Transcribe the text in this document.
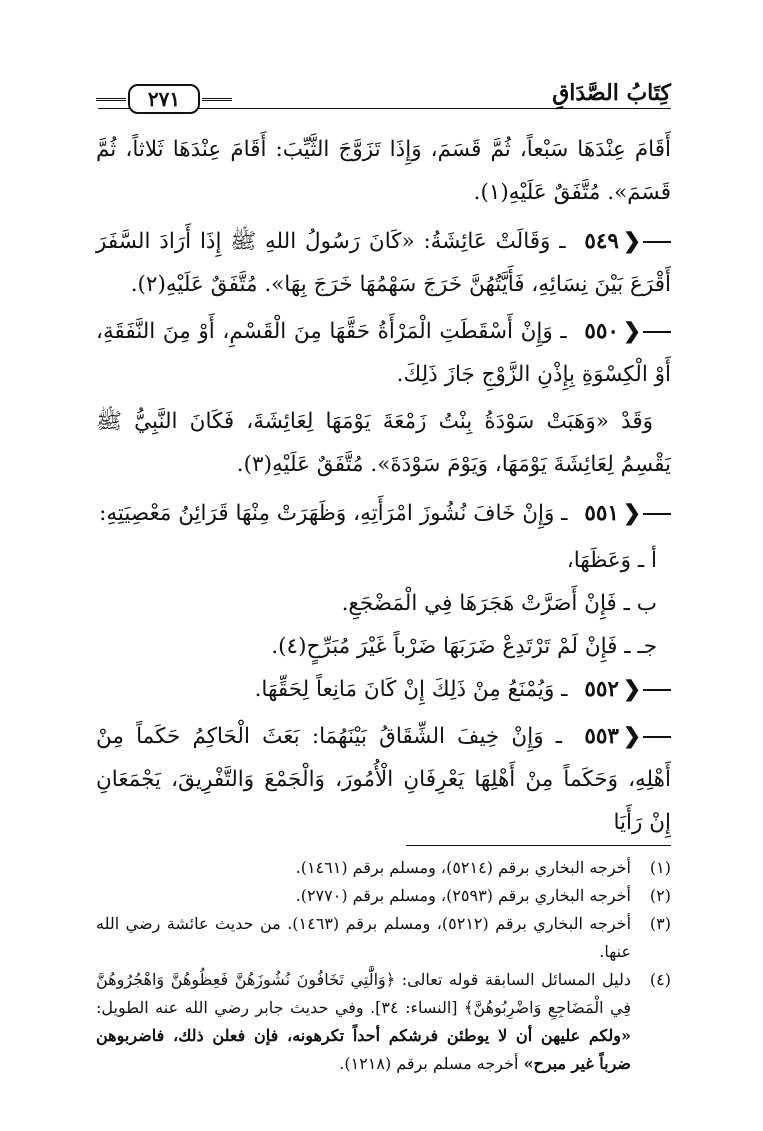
كِتَابُ الصَّدَاقِ
٢٧١

أَقَامَ عِنْدَهَا سَبْعاً، ثُمَّ قَسَمَ، وَإِذَا تَزَوَّجَ الثَّيِّبَ: أَقَامَ عِنْدَهَا ثَلاثاً، ثُمَّ قَسَمَ». مُتَّفَقٌ عَلَيْهِ(١).

❮٥٤٩ ـ وَقَالَتْ عَائِشَةُ: «كَانَ رَسُولُ اللهِ ﷺ إِذَا أَرَادَ السَّفَرَ أَقْرَعَ بَيْنَ نِسَائِهِ، فَأَيَّتُهُنَّ خَرَجَ سَهْمُهَا خَرَجَ بِهَا». مُتَّفَقٌ عَلَيْهِ(٢).

❮٥٥٠ ـ وَإِنْ أَسْقَطَتِ الْمَرْأَةُ حَقَّهَا مِنَ الْقَسْمِ، أَوْ مِنَ النَّفَقَةِ، أَوْ الْكِسْوَةِ بِإِذْنِ الزَّوْجِ جَازَ ذَلِكَ.

وَقَدْ «وَهَبَتْ سَوْدَةُ بِنْتُ زَمْعَةَ يَوْمَهَا لِعَائِشَةَ، فَكَانَ النَّبِيُّ ﷺ يَقْسِمُ لِعَائِشَةَ يَوْمَهَا، وَيَوْمَ سَوْدَةَ». مُتَّفَقٌ عَلَيْهِ(٣).

❮٥٥١ ـ وَإِنْ خَافَ نُشُوزَ امْرَأَتِهِ، وَظَهَرَتْ مِنْهَا قَرَائِنُ مَعْصِيَتِهِ:

أ ـ وَعَظَهَا،

ب ـ فَإِنْ أَصَرَّتْ هَجَرَهَا فِي الْمَضْجَعِ.

جـ ـ فَإِنْ لَمْ تَرْتَدِعْ ضَرَبَهَا ضَرْباً غَيْرَ مُبَرِّحٍ(٤).

❮٥٥٢ ـ وَيُمْنَعُ مِنْ ذَلِكَ إِنْ كَانَ مَانِعاً لِحَقِّهَا.

❮٥٥٣ ـ وَإِنْ خِيفَ الشِّقَاقُ بَيْنَهُمَا: بَعَثَ الْحَاكِمُ حَكَماً مِنْ أَهْلِهِ، وَحَكَماً مِنْ أَهْلِهَا يَعْرِفَانِ الْأُمُورَ، وَالْجَمْعَ وَالتَّفْرِيقَ، يَجْمَعَانِ إِنْ رَأَيَا

(١)
أخرجه البخاري برقم (٥٢١٤)، ومسلم برقم (١٤٦١).
(٢)
أخرجه البخاري برقم (٢٥٩٣)، ومسلم برقم (٢٧٧٠).
(٣)
أخرجه البخاري برقم (٥٢١٢)، ومسلم برقم (١٤٦٣). من حديث عائشة رضي الله عنها.
(٤)
دليل المسائل السابقة قوله تعالى: ﴿وَالَّٰتِي تَخَافُونَ نُشُوزَهُنَّ فَعِظُوهُنَّ وَاهْجُرُوهُنَّ فِي الْمَضَاجِعِ وَاضْرِبُوهُنَّ﴾ [النساء: ٣٤]. وفي حديث جابر رضي الله عنه الطويل: «ولكم عليهن أن لا يوطئن فرشكم أحداً تكرهونه، فإن فعلن ذلك، فاضربوهن ضرباً غير مبرح» أخرجه مسلم برقم (١٢١٨).
